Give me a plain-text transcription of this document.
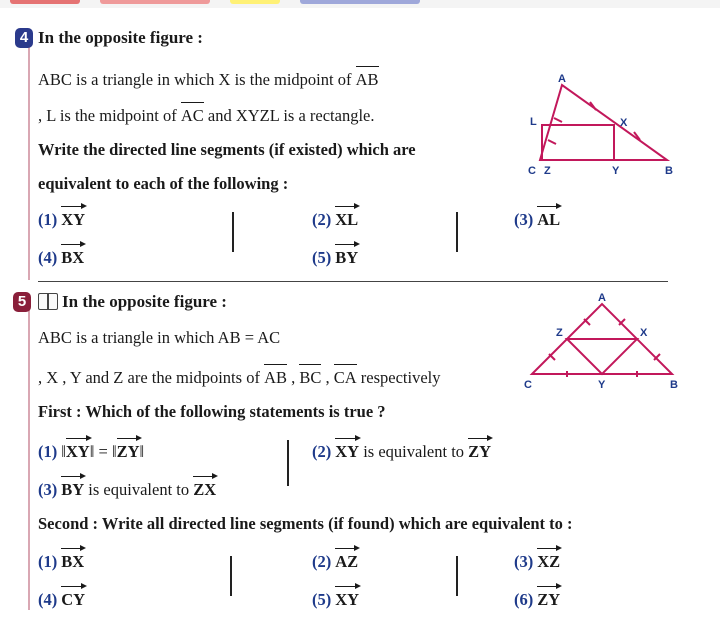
4 In the opposite figure :
ABC is a triangle in which X is the midpoint of AB
, L is the midpoint of AC and XYZL is a rectangle.
Write the directed line segments (if existed) which are
equivalent to each of the following :
(1) XY	(2) XL	(3) AL
(4) BX	(5) BY
A
L	X
C Z	Y	B
5 In the opposite figure :
ABC is a triangle in which AB = AC
, X , Y and Z are the midpoints of AB , BC , CA respectively
First : Which of the following statements is true ?
(1) ‖XY‖ = ‖ZY‖	(2) XY is equivalent to ZY
(3) BY is equivalent to ZX
Second : Write all directed line segments (if found) which are equivalent to :
(1) BX	(2) AZ	(3) XZ
(4) CY	(5) XY	(6) ZY
A
Z	X
C	Y	B
